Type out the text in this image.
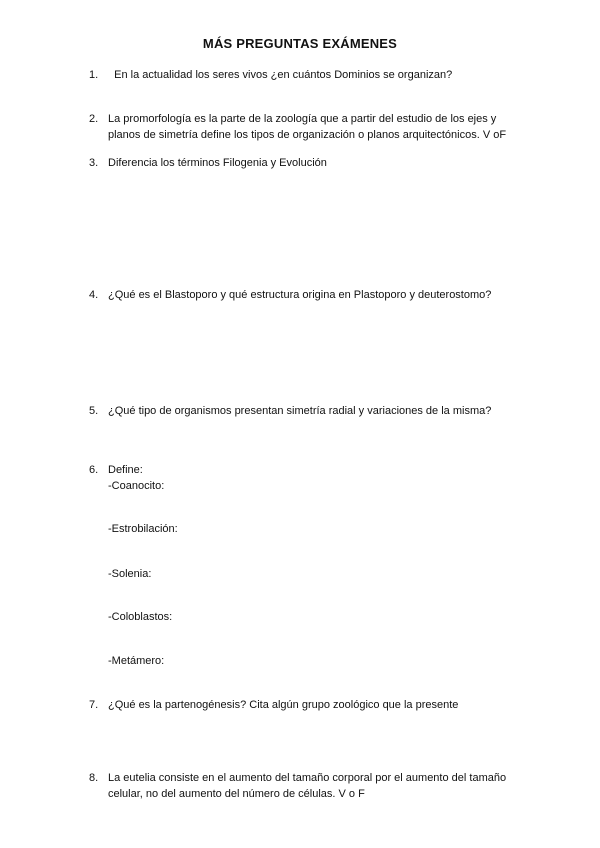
MÁS PREGUNTAS EXÁMENES
1. En la actualidad los seres vivos ¿en cuántos Dominios se organizan?
2. La promorfología es la parte de la zoología que a partir del estudio de los ejes y
planos de simetría define los tipos de organización o planos arquitectónicos. V oF
3. Diferencia los términos Filogenia y Evolución
4. ¿Qué es el Blastoporo y qué estructura origina en Plastoporo y deuterostomo?
5. ¿Qué tipo de organismos presentan simetría radial y variaciones de la misma?
6. Define:
-Coanocito:
-Estrobilación:
-Solenia:
-Coloblastos:
-Metámero:
7. ¿Qué es la partenogénesis? Cita algún grupo zoológico que la presente
8. La eutelia consiste en el aumento del tamaño corporal por el aumento del tamaño
celular, no del aumento del número de células. V o F
